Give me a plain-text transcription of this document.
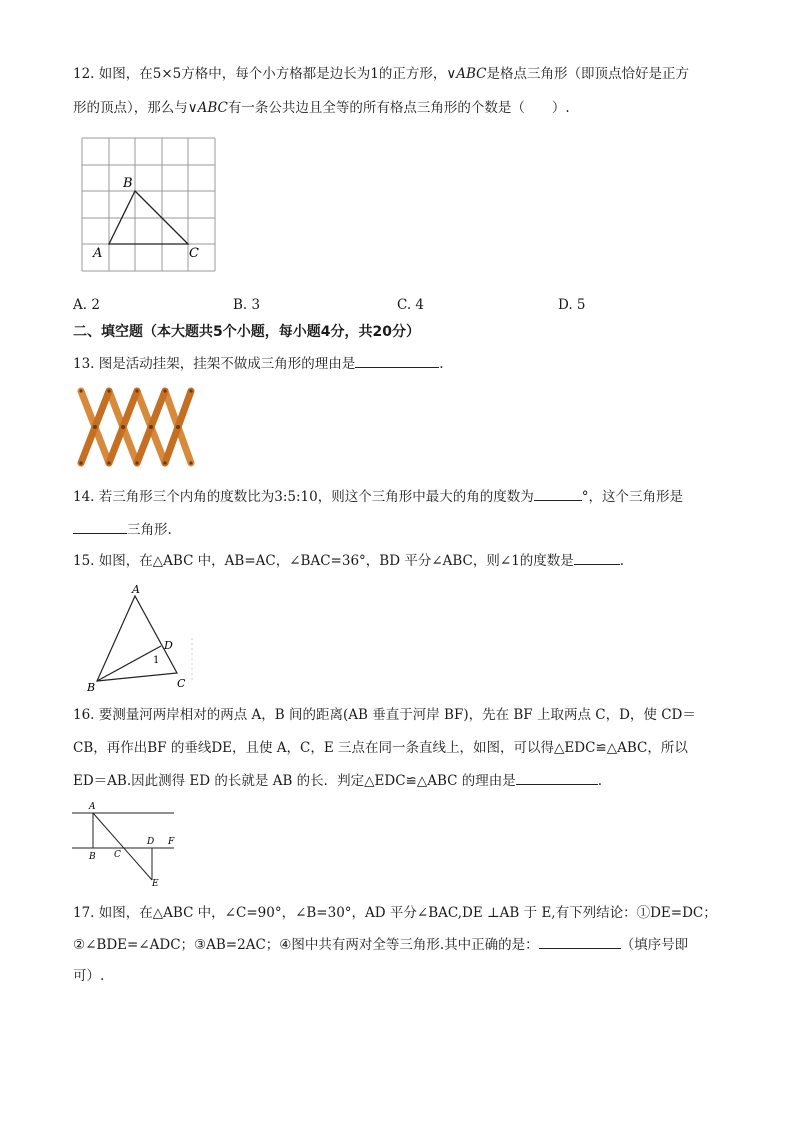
12. 如图，在5×5方格中，每个小方格都是边长为1的正方形，∨ABC是格点三角形（即顶点恰好是正方
形的顶点），那么与∨ABC有一条公共边且全等的所有格点三角形的个数是（　　）.
A
B
C
A. 2	B. 3	C. 4	D. 5
二、填空题（本大题共5个小题，每小题4分，共20分）
13. 图是活动挂架，挂架不做成三角形的理由是	.
14. 若三角形三个内角的度数比为3:5:10，则这个三角形中最大的角的度数为	°，这个三角形是
三角形.
15. 如图，在△ABC 中，AB=AC，∠BAC=36°，BD 平分∠ABC，则∠1的度数是	.
A
B	C
D
1
16. 要测量河两岸相对的两点 A，B 间的距离(AB 垂直于河岸 BF)，先在 BF 上取两点 C，D，使 CD＝
CB，再作出BF 的垂线DE，且使 A，C，E 三点在同一条直线上，如图，可以得△EDC≌△ABC，所以
ED＝AB.因此测得 ED 的长就是 AB 的长．判定△EDC≌△ABC 的理由是	.
A
B C
D
E
F
17. 如图，在△ABC 中，∠C=90°，∠B=30°，AD 平分∠BAC,DE ⊥AB 于 E,有下列结论：①DE=DC；
②∠BDE=∠ADC；③AB=2AC；④图中共有两对全等三角形.其中正确的是：	（填序号即
可）.
